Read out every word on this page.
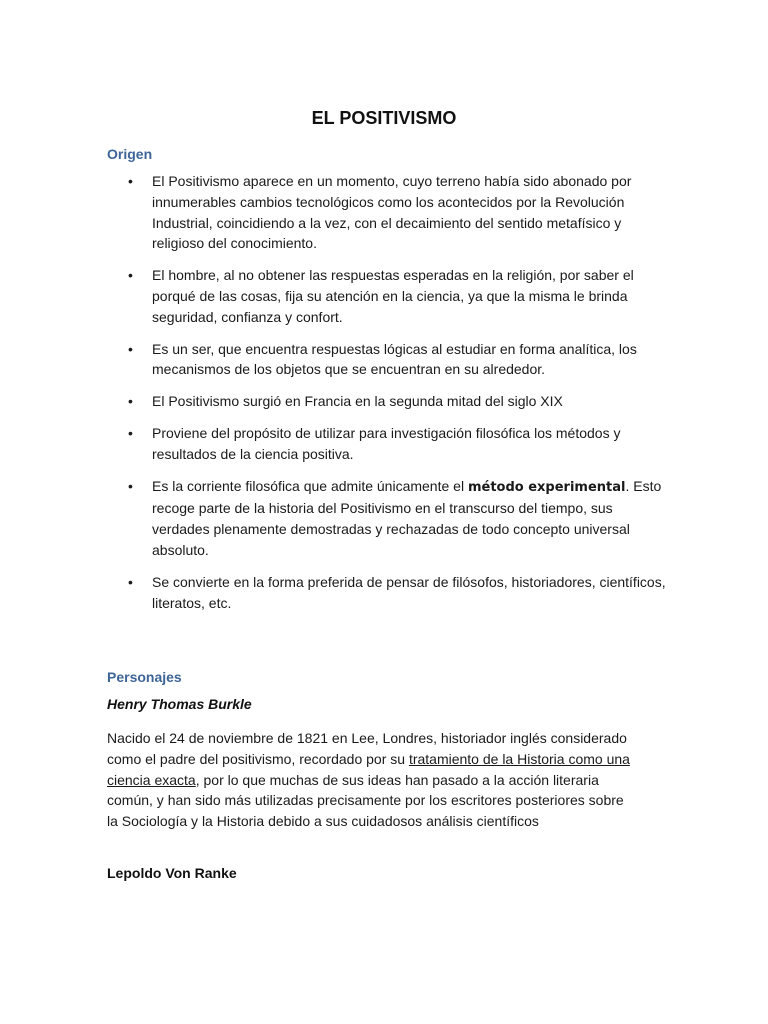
EL POSITIVISMO
Origen
• El Positivismo aparece en un momento, cuyo terreno había sido abonado por innumerables cambios tecnológicos como los acontecidos por la Revolución Industrial, coincidiendo a la vez, con el decaimiento del sentido metafísico y religioso del conocimiento.
• El hombre, al no obtener las respuestas esperadas en la religión, por saber el porqué de las cosas, fija su atención en la ciencia, ya que la misma le brinda seguridad, confianza y confort.
• Es un ser, que encuentra respuestas lógicas al estudiar en forma analítica, los mecanismos de los objetos que se encuentran en su alrededor.
• El Positivismo surgió en Francia en la segunda mitad del siglo XIX
• Proviene del propósito de utilizar para investigación filosófica los métodos y resultados de la ciencia positiva.
• Es la corriente filosófica que admite únicamente el método experimental. Esto recoge parte de la historia del Positivismo en el transcurso del tiempo, sus verdades plenamente demostradas y rechazadas de todo concepto universal absoluto.
• Se convierte en la forma preferida de pensar de filósofos, historiadores, científicos, literatos, etc.
Personajes
Henry Thomas Burkle

Nacido el 24 de noviembre de 1821 en Lee, Londres, historiador inglés considerado como el padre del positivismo, recordado por su tratamiento de la Historia como una ciencia exacta, por lo que muchas de sus ideas han pasado a la acción literaria común, y han sido más utilizadas precisamente por los escritores posteriores sobre la Sociología y la Historia debido a sus cuidadosos análisis científicos

Lepoldo Von Ranke
